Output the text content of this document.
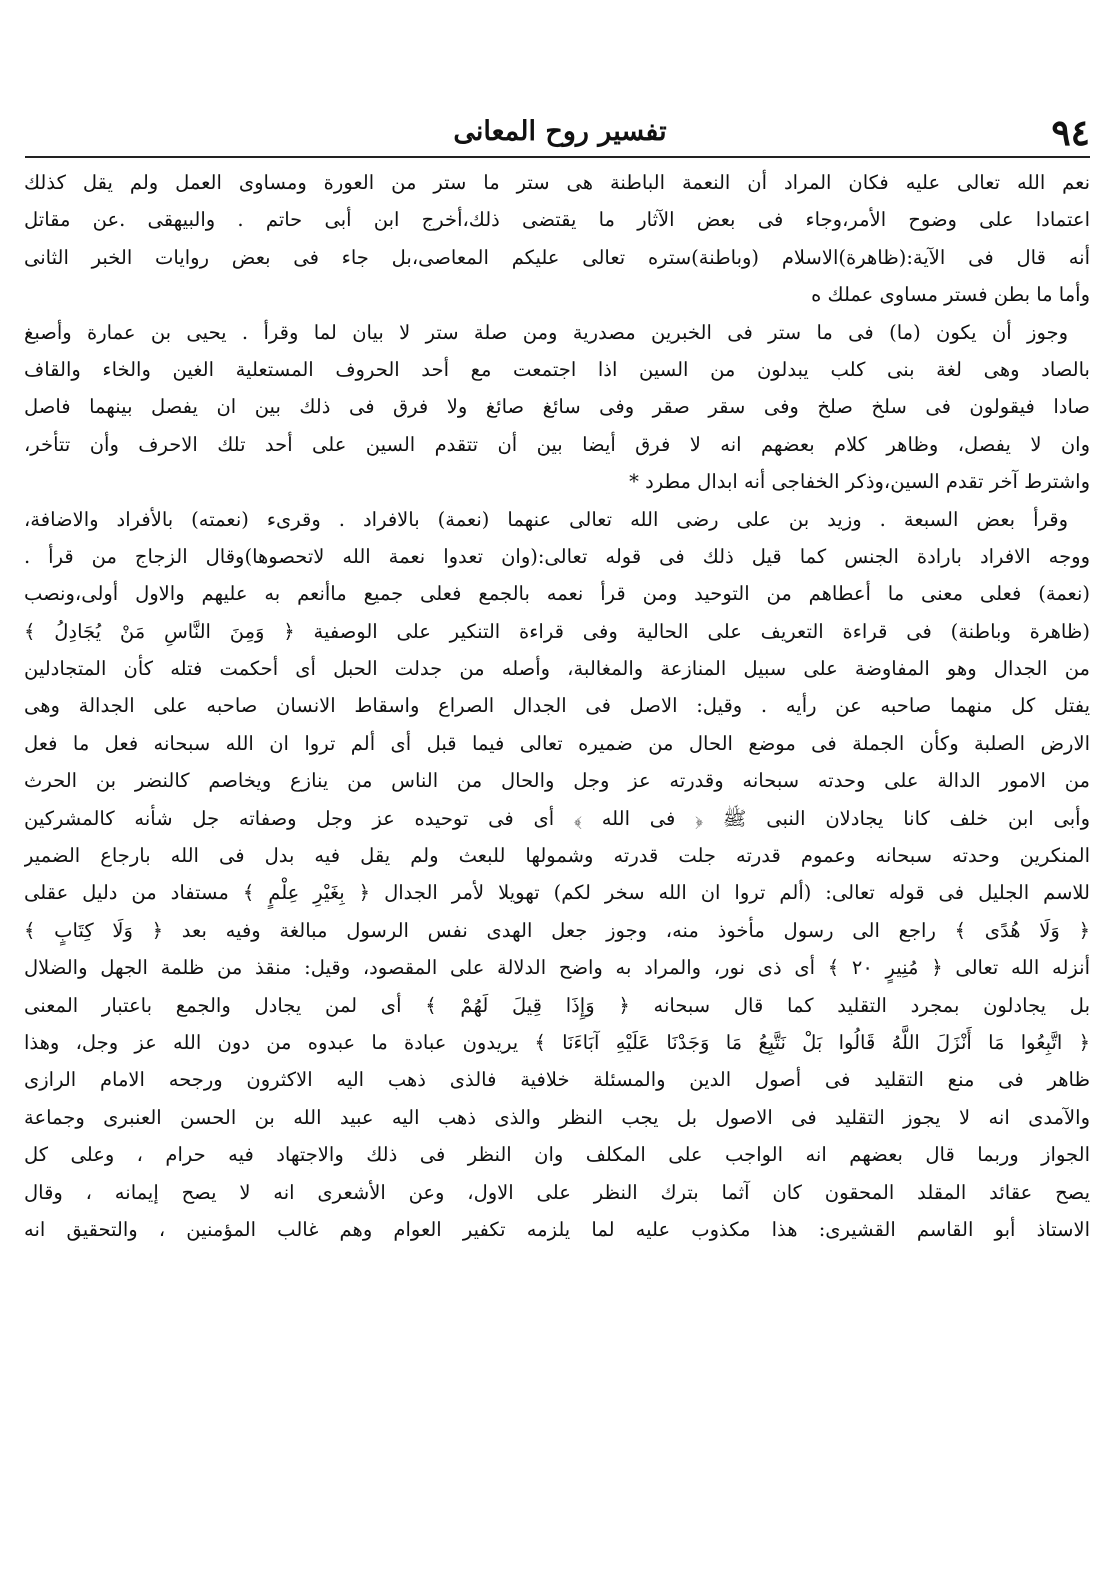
٩٤
تفسير روح المعانى
نعم الله تعالى عليه فكان المراد أن النعمة الباطنة هى ستر ما ستر من العورة ومساوى العمل ولم يقل كذلك
اعتمادا على وضوح الأمر،وجاء فى بعض الآثار ما يقتضى ذلك،أخرج ابن أبى حاتم . والبيهقى .عن مقاتل
أنه قال فى الآية:(ظاهرة)الاسلام (وباطنة)ستره تعالى عليكم المعاصى،بل جاء فى بعض روايات الخبر الثانى
وأما ما بطن فستر مساوى عملك ه
وجوز أن يكون (ما) فى ما ستر فى الخبرين مصدرية ومن صلة ستر لا بيان لما وقرأ . يحيى بن عمارة وأصبغ
بالصاد وهى لغة بنى كلب يبدلون من السين اذا اجتمعت مع أحد الحروف المستعلية الغين والخاء والقاف
صادا فيقولون فى سلخ صلخ وفى سقر صقر وفى سائغ صائغ ولا فرق فى ذلك بين ان يفصل بينهما فاصل
وان لا يفصل، وظاهر كلام بعضهم انه لا فرق أيضا بين أن تتقدم السين على أحد تلك الاحرف وأن تتأخر،
واشترط آخر تقدم السين،وذكر الخفاجى أنه ابدال مطرد *
وقرأ بعض السبعة . وزيد بن على رضى الله تعالى عنهما (نعمة) بالافراد . وقرىء (نعمته) بالأفراد والاضافة،
ووجه الافراد بارادة الجنس كما قيل ذلك فى قوله تعالى:(وان تعدوا نعمة الله لاتحصوها)وقال الزجاج من قرأ .
(نعمة) فعلى معنى ما أعطاهم من التوحيد ومن قرأ نعمه بالجمع فعلى جميع ماأنعم به عليهم والاول أولى،ونصب
(ظاهرة وباطنة) فى قراءة التعريف على الحالية وفى قراءة التنكير على الوصفية ﴿ وَمِنَ النَّاسِ مَنْ يُجَادِلُ ﴾
من الجدال وهو المفاوضة على سبيل المنازعة والمغالبة، وأصله من جدلت الحبل أى أحكمت فتله كأن المتجادلين
يفتل كل منهما صاحبه عن رأيه . وقيل: الاصل فى الجدال الصراع واسقاط الانسان صاحبه على الجدالة وهى
الارض الصلبة وكأن الجملة فى موضع الحال من ضميره تعالى فيما قبل أى ألم تروا ان الله سبحانه فعل ما فعل
من الامور الدالة على وحدته سبحانه وقدرته عز وجل والحال من الناس من ينازع ويخاصم كالنضر بن الحرث
وأبى ابن خلف كانا يجادلان النبى ﷺ ﴿ فى الله ﴾ أى فى توحيده عز وجل وصفاته جل شأنه كالمشركين
المنكرين وحدته سبحانه وعموم قدرته جلت قدرته وشمولها للبعث ولم يقل فيه بدل فى الله بارجاع الضمير
للاسم الجليل فى قوله تعالى: (ألم تروا ان الله سخر لكم) تهويلا لأمر الجدال ﴿ بِغَيْرِ عِلْمٍ ﴾ مستفاد من دليل عقلى
﴿ وَلَا هُدًى ﴾ راجع الى رسول مأخوذ منه، وجوز جعل الهدى نفس الرسول مبالغة وفيه بعد ﴿ وَلَا كِتَابٍ ﴾
أنزله الله تعالى ﴿ مُنِيرٍ ٢٠ ﴾ أى ذى نور، والمراد به واضح الدلالة على المقصود، وقيل: منقذ من ظلمة الجهل والضلال
بل يجادلون بمجرد التقليد كما قال سبحانه ﴿ وَإِذَا قِيلَ لَهُمْ ﴾ أى لمن يجادل والجمع باعتبار المعنى
﴿ اتَّبِعُوا مَا أَنْزَلَ اللَّهُ قَالُوا بَلْ نَتَّبِعُ مَا وَجَدْنَا عَلَيْهِ آبَاءَنَا ﴾ يريدون عبادة ما عبدوه من دون الله عز وجل، وهذا
ظاهر فى منع التقليد فى أصول الدين والمسئلة خلافية فالذى ذهب اليه الاكثرون ورجحه الامام الرازى
والآمدى انه لا يجوز التقليد فى الاصول بل يجب النظر والذى ذهب اليه عبيد الله بن الحسن العنبرى وجماعة
الجواز وربما قال بعضهم انه الواجب على المكلف وان النظر فى ذلك والاجتهاد فيه حرام ، وعلى كل
يصح عقائد المقلد المحقون كان آثما بترك النظر على الاول، وعن الأشعرى انه لا يصح إيمانه ، وقال
الاستاذ أبو القاسم القشيرى: هذا مكذوب عليه لما يلزمه تكفير العوام وهم غالب المؤمنين ، والتحقيق انه
